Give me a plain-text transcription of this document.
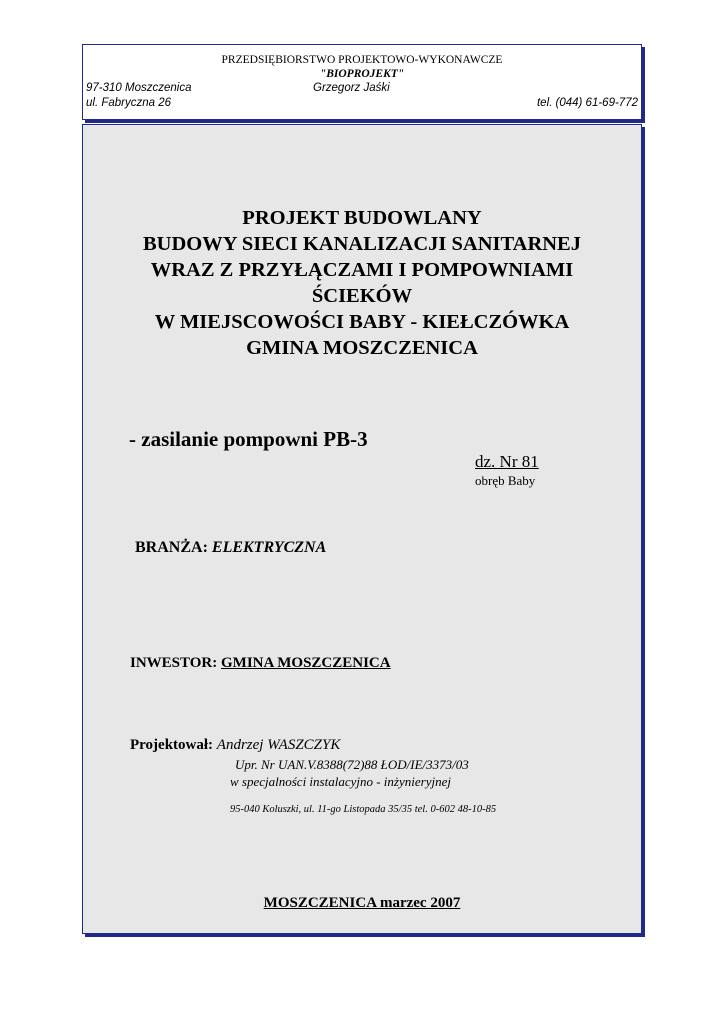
PRZEDSIĘBIORSTWO PROJEKTOWO-WYKONAWCZE
"BIOPROJEKT"
97-310 Moszczenica	Grzegorz Jaśki
ul. Fabryczna 26	tel. (044) 61-69-772
PROJEKT BUDOWLANY
BUDOWY SIECI KANALIZACJI SANITARNEJ
WRAZ Z PRZYŁĄCZAMI I POMPOWNIAMI
ŚCIEKÓW
W MIEJSCOWOŚCI BABY - KIEŁCZÓWKA
GMINA MOSZCZENICA
- zasilanie pompowni PB-3
dz. Nr 81
obręb Baby
BRANŻA: ELEKTRYCZNA
INWESTOR: GMINA MOSZCZENICA
Projektował: Andrzej WASZCZYK
Upr. Nr UAN.V.8388(72)88 ŁOD/IE/3373/03
w specjalności instalacyjno - inżynieryjnej
95-040 Koluszki, ul. 11-go Listopada 35/35 tel. 0-602 48-10-85
MOSZCZENICA marzec 2007
